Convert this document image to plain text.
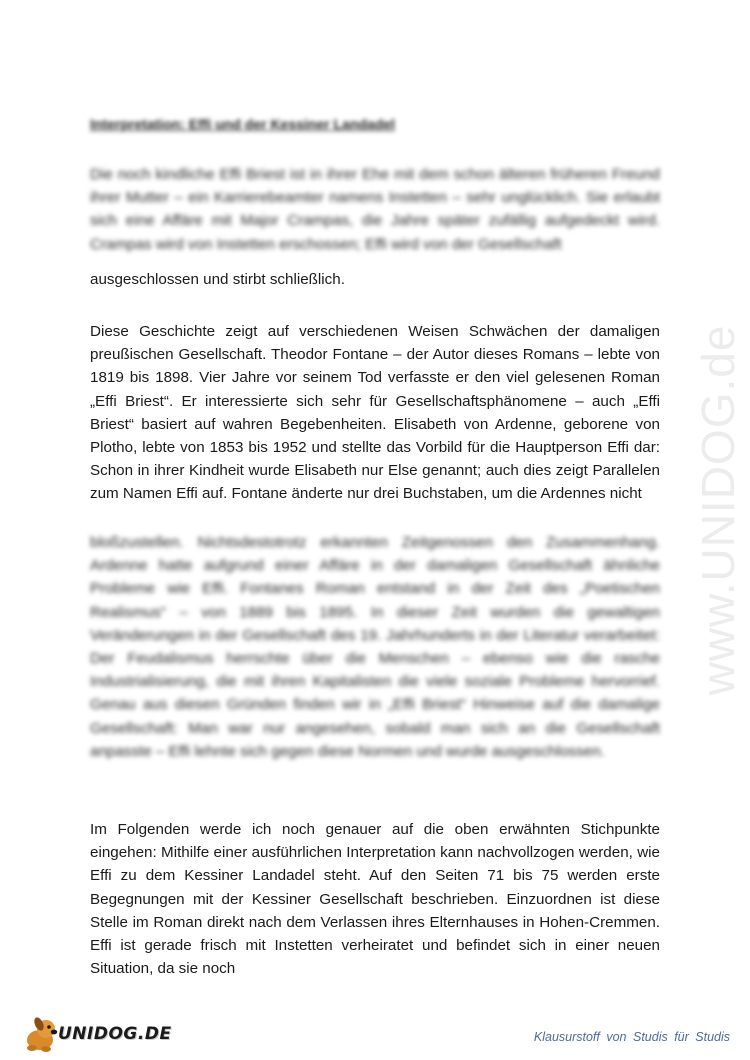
www.UNIDOG.de
Interpretation: Effi und der Kessiner Landadel
Die noch kindliche Effi Briest ist in ihrer Ehe mit dem schon älteren früheren Freund ihrer Mutter – ein Karrierebeamter namens Instetten – sehr unglücklich. Sie erlaubt sich eine Affäre mit Major Crampas, die Jahre später zufällig aufgedeckt wird. Crampas wird von Instetten erschossen; Effi wird von der Gesellschaft
ausgeschlossen und stirbt schließlich.
Diese Geschichte zeigt auf verschiedenen Weisen Schwächen der damaligen preußischen Gesellschaft. Theodor Fontane – der Autor dieses Romans – lebte von 1819 bis 1898. Vier Jahre vor seinem Tod verfasste er den viel gelesenen Roman „Effi Briest“. Er interessierte sich sehr für Gesellschaftsphänomene – auch „Effi Briest“ basiert auf wahren Begebenheiten. Elisabeth von Ardenne, geborene von Plotho, lebte von 1853 bis 1952 und stellte das Vorbild für die Hauptperson Effi dar: Schon in ihrer Kindheit wurde Elisabeth nur Else genannt; auch dies zeigt Parallelen zum Namen Effi auf. Fontane änderte nur drei Buchstaben, um die Ardennes nicht
bloßzustellen. Nichtsdestotrotz erkannten Zeitgenossen den Zusammenhang. Ardenne hatte aufgrund einer Affäre in der damaligen Gesellschaft ähnliche Probleme wie Effi. Fontanes Roman entstand in der Zeit des „Poetischen Realismus“ – von 1889 bis 1895. In dieser Zeit wurden die gewaltigen Veränderungen in der Gesellschaft des 19. Jahrhunderts in der Literatur verarbeitet: Der Feudalismus herrschte über die Menschen – ebenso wie die rasche Industrialisierung, die mit ihren Kapitalisten die viele soziale Probleme hervorrief. Genau aus diesen Gründen finden wir in „Effi Briest“ Hinweise auf die damalige Gesellschaft: Man war nur angesehen, sobald man sich an die Gesellschaft anpasste – Effi lehnte sich gegen diese Normen und wurde ausgeschlossen.
Im Folgenden werde ich noch genauer auf die oben erwähnten Stichpunkte eingehen: Mithilfe einer ausführlichen Interpretation kann nachvollzogen werden, wie Effi zu dem Kessiner Landadel steht. Auf den Seiten 71 bis 75 werden erste Begegnungen mit der Kessiner Gesellschaft beschrieben. Einzuordnen ist diese Stelle im Roman direkt nach dem Verlassen ihres Elternhauses in Hohen-Cremmen. Effi ist gerade frisch mit Instetten verheiratet und befindet sich in einer neuen Situation, da sie noch
UNIDOG.DE	Klausurstoff von Studis für Studis
